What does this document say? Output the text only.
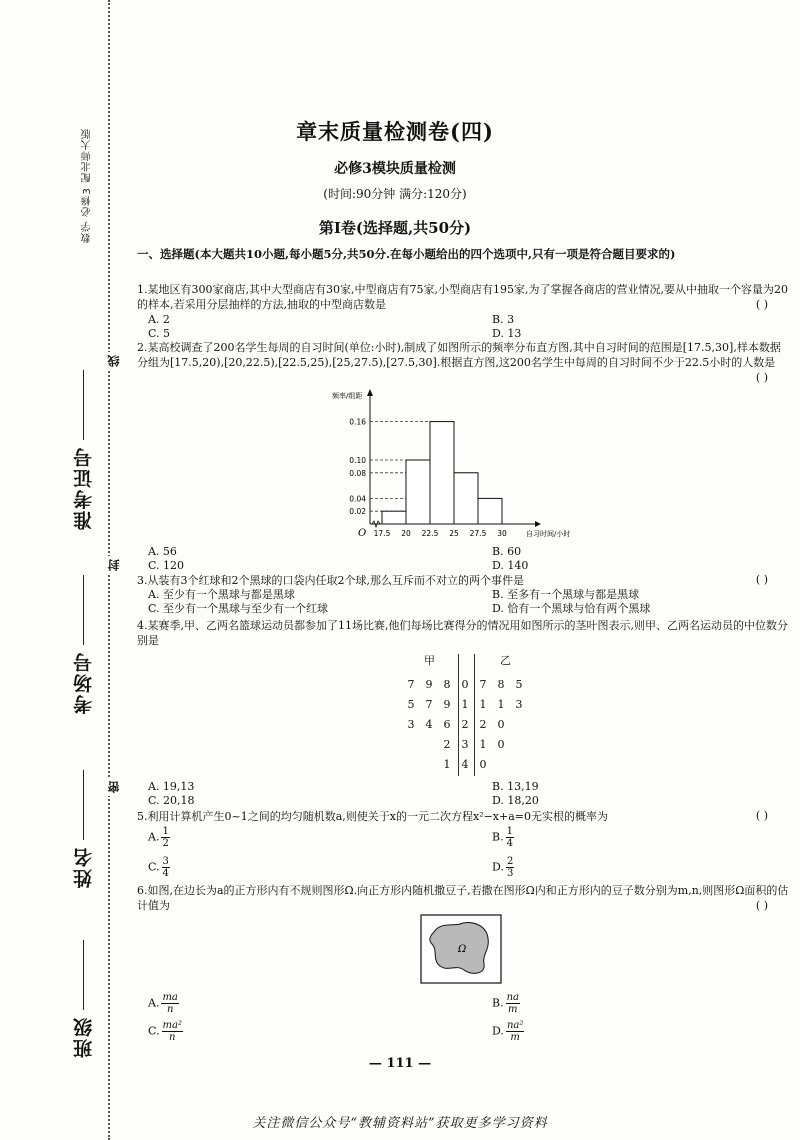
数学 必修3 配北师大版
准考证号
考场号
姓名
班级
线
封
密
章末质量检测卷(四)
必修3模块质量检测
(时间:90分钟 满分:120分)
第Ⅰ卷(选择题,共50分)
一、选择题(本大题共10小题,每小题5分,共50分.在每小题给出的四个选项中,只有一项是符合题目要求的)
1.某地区有300家商店,其中大型商店有30家,中型商店有75家,小型商店有195家,为了掌握各商店的营业情况,要从中抽取一个容量为20的样本,若采用分层抽样的方法,抽取的中型商店数是	( )
A. 2	B. 3
C. 5	D. 13
2.某高校调查了200名学生每周的自习时间(单位:小时),制成了如图所示的频率分布直方图,其中自习时间的范围是[17.5,30],样本数据分组为[17.5,20),[20,22.5),[22.5,25),[25,27.5),[27.5,30].根据直方图,这200名学生中每周的自习时间不少于22.5小时的人数是
( )
频率/组距
O
0.02
0.04
0.08
0.10
0.16
17.5 20 22.5 25 27.5 30	自习时间/小时
A. 56	B. 60
C. 120	D. 140
3.从装有3个红球和2个黑球的口袋内任取2个球,那么互斥而不对立的两个事件是	( )
A. 至少有一个黑球与都是黑球	B. 至多有一个黑球与都是黑球
C. 至少有一个黑球与至少有一个红球	D. 恰有一个黑球与恰有两个黑球
4.某赛季,甲、乙两名篮球运动员都参加了11场比赛,他们每场比赛得分的情况用如图所示的茎叶图表示,则甲、乙两名运动员的中位数分别是
甲	乙
7	9	8	0	7	8	5
5	7	9	1	1	1	3
3	4	6	2	2	0	
		2	3	1	0	
		1	4	0		
A. 19,13	B. 13,19
C. 20,18	D. 18,20
5.利用计算机产生0~1之间的均匀随机数a,则使关于x的一元二次方程x²−x+a=0无实根的概率为	( )
A. $\frac{1}{2}$	B. $\frac{1}{4}$
C. $\frac{3}{4}$	D. $\frac{2}{3}$
6.如图,在边长为a的正方形内有不规则图形Ω.向正方形内随机撒豆子,若撒在图形Ω内和正方形内的豆子数分别为m,n,则图形Ω面积的估计值为	( )
Ω
A. $\frac{ma}{n}$	B. $\frac{na}{m}$
C. $\frac{\text{ma²}}{n}$	D. $\frac{\text{na²}}{m}$
— 111 —
关注微信公众号“教辅资料站”获取更多学习资料
